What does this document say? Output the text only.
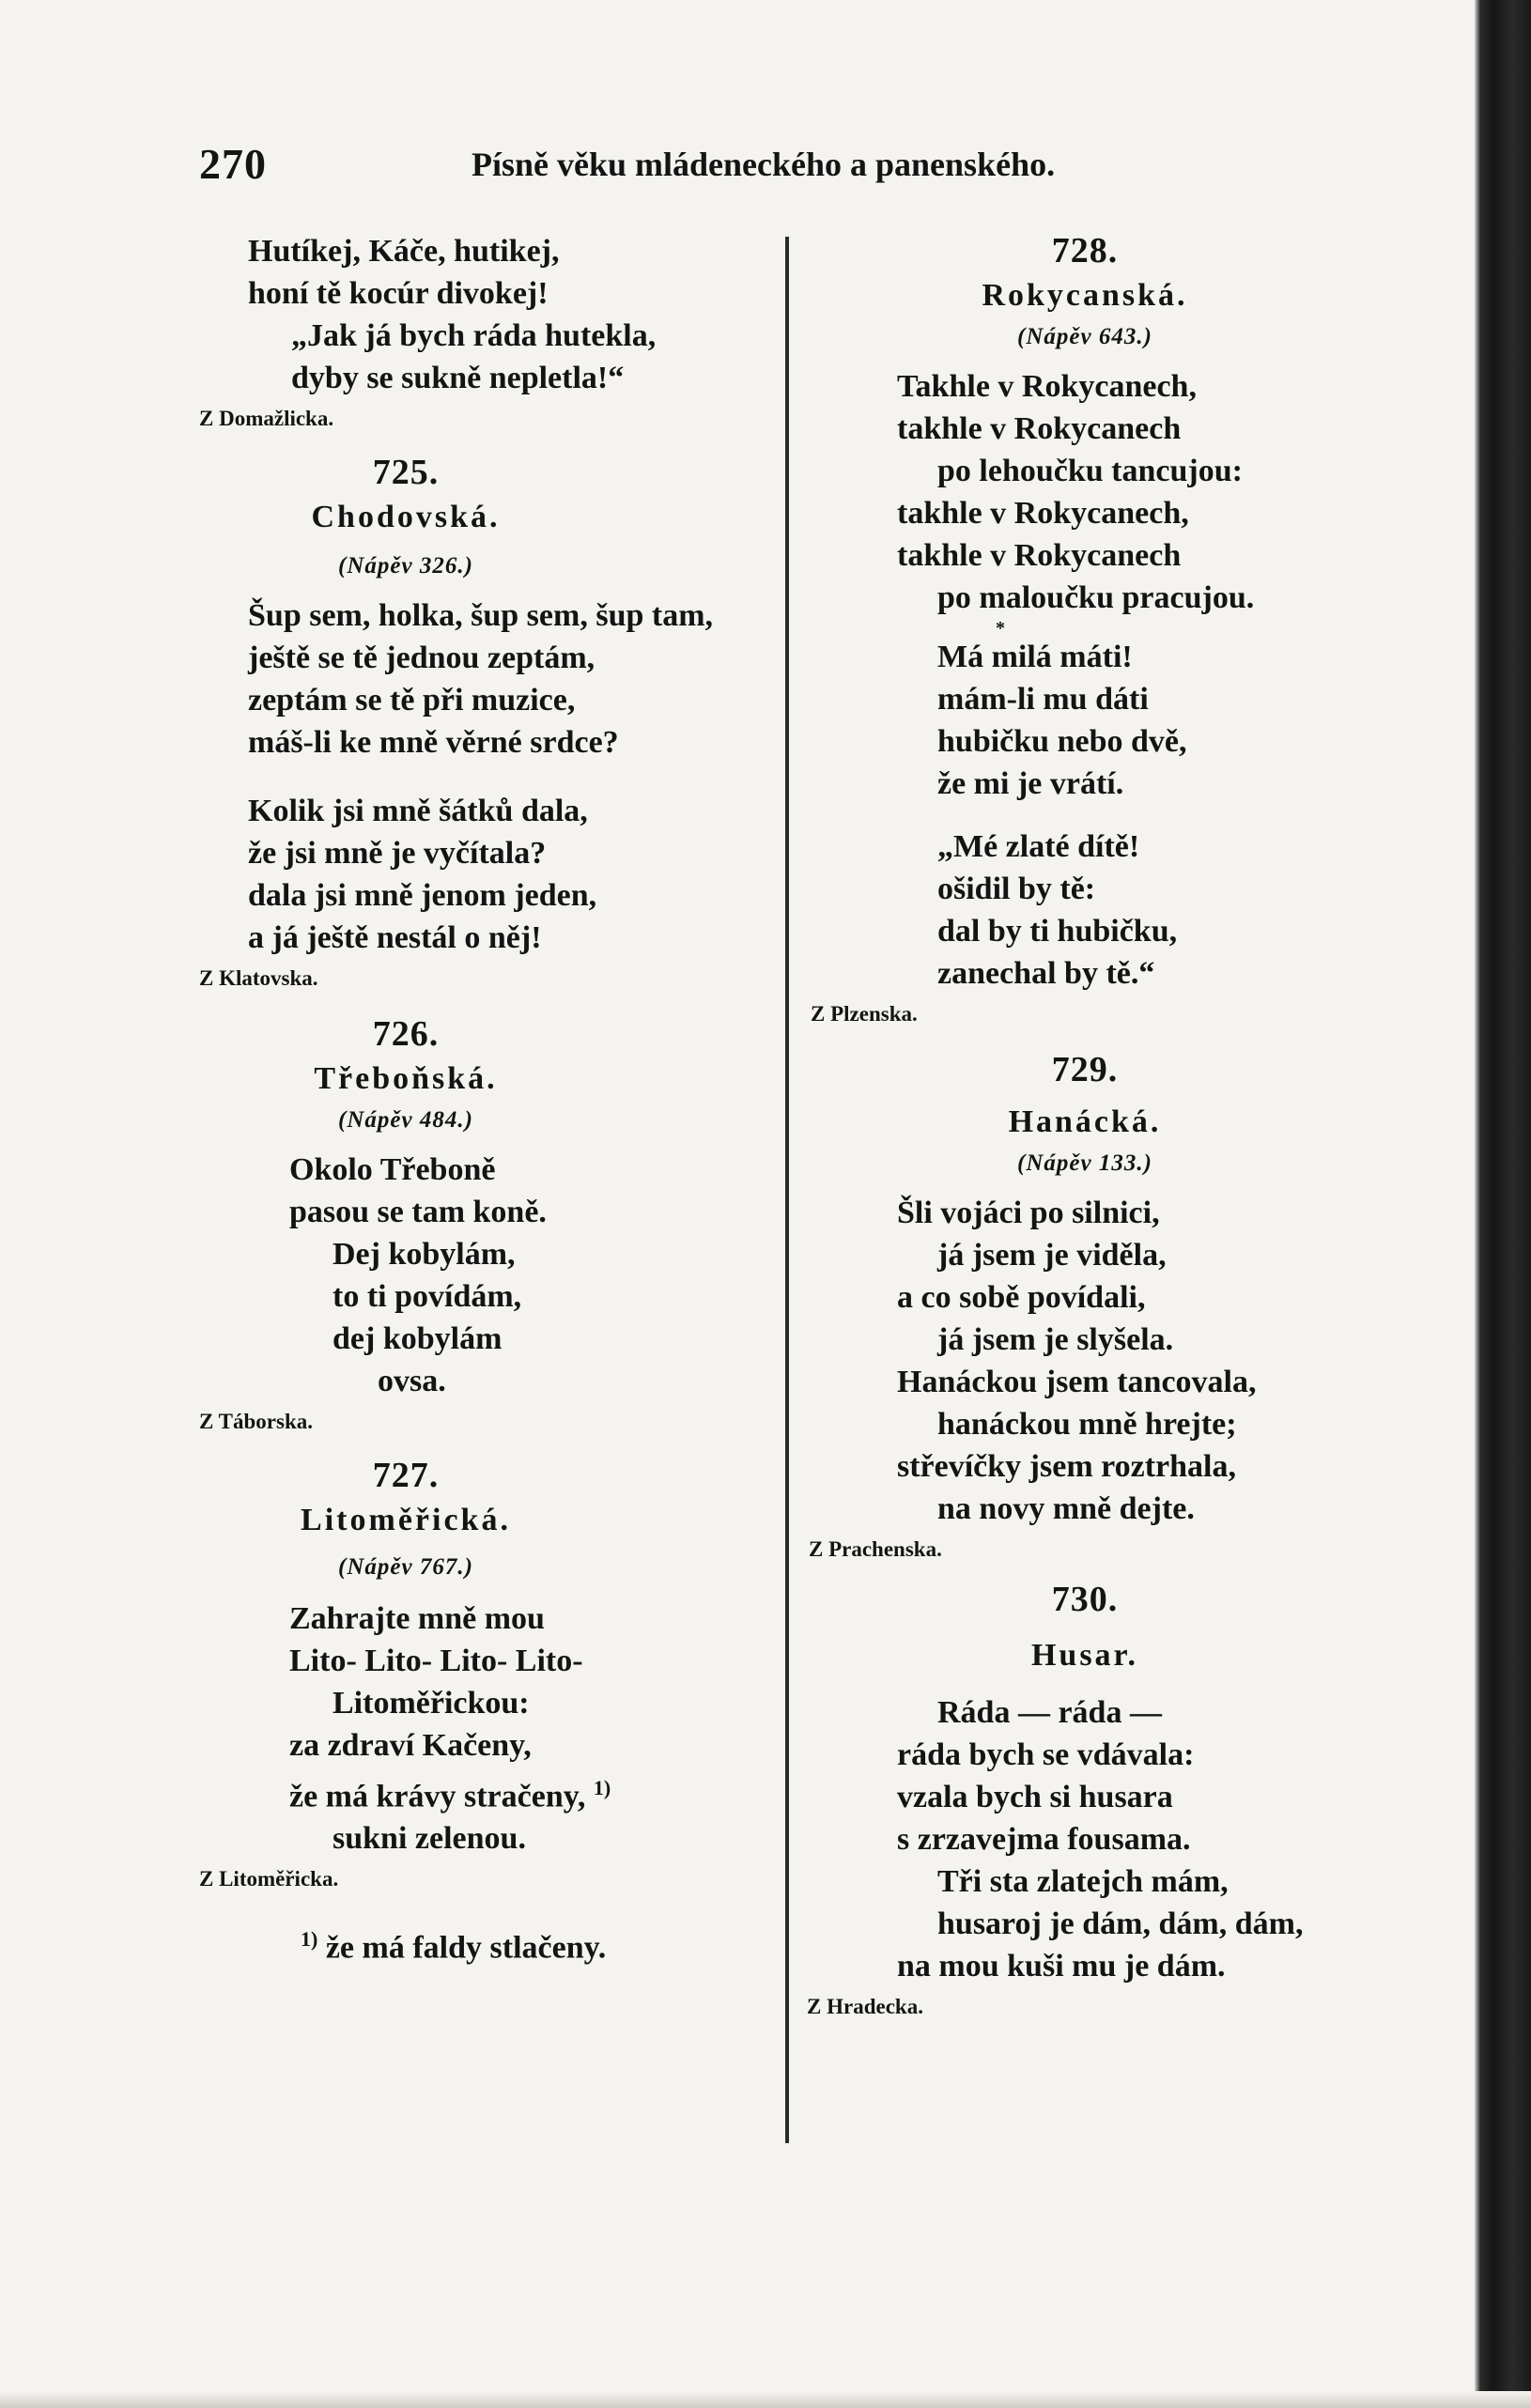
270	Písně věku mládeneckého a panenského.
Hutíkej, Káče, hutikej,
honí tě kocúr divokej!
„Jak já bych ráda hutekla,
dyby se sukně nepletla!“
Z Domažlicka.
725.
Chodovská.
(Nápěv 326.)
Šup sem, holka, šup sem, šup tam,
ještě se tě jednou zeptám,
zeptám se tě při muzice,
máš-li ke mně věrné srdce?
Kolik jsi mně šátků dala,
že jsi mně je vyčítala?
dala jsi mně jenom jeden,
a já ještě nestál o něj!
Z Klatovska.
726.
Třeboňská.
(Nápěv 484.)
Okolo Třeboně
pasou se tam koně.
Dej kobylám,
to ti povídám,
dej kobylám
ovsa.
Z Táborska.
727.
Litoměřická.
(Nápěv 767.)
Zahrajte mně mou
Lito- Lito- Lito- Lito-
Litoměřickou:
za zdraví Kačeny,
že má krávy stračeny, $^{1)}$
sukni zelenou.
Z Litoměřicka.
$^{1)}$ že má faldy stlačeny.
728.
Rokycanská.
(Nápěv 643.)
Takhle v Rokycanech,
takhle v Rokycanech
po lehoučku tancujou:
takhle v Rokycanech,
takhle v Rokycanech
po maloučku pracujou.
*
Má milá máti!
mám-li mu dáti
hubičku nebo dvě,
že mi je vrátí.
„Mé zlaté dítě!
ošidil by tě:
dal by ti hubičku,
zanechal by tě.“
Z Plzenska.
729.
Hanácká.
(Nápěv 133.)
Šli vojáci po silnici,
já jsem je viděla,
a co sobě povídali,
já jsem je slyšela.
Hanáckou jsem tancovala,
hanáckou mně hrejte;
střevíčky jsem roztrhala,
na novy mně dejte.
Z Prachenska.
730.
Husar.
Ráda — ráda —
ráda bych se vdávala:
vzala bych si husara
s zrzavejma fousama.
Tři sta zlatejch mám,
husaroj je dám, dám, dám,
na mou kuši mu je dám.
Z Hradecka.
